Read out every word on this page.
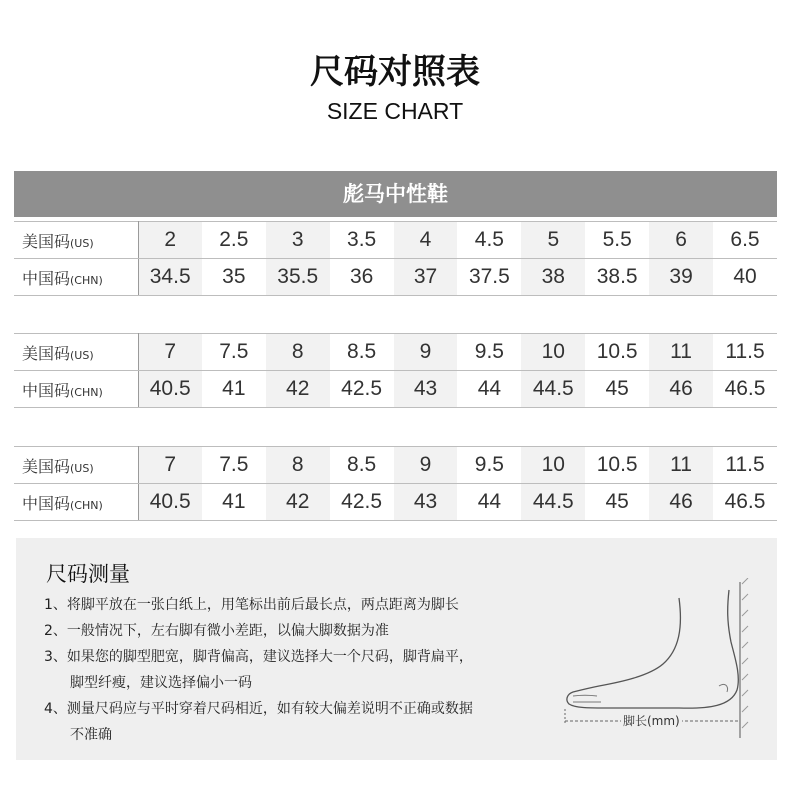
尺码对照表
SIZE CHART
彪马中性鞋
美国码(US)	2	2.5	3	3.5	4	4.5	5	5.5	6	6.5
中国码(CHN)	34.5	35	35.5	36	37	37.5	38	38.5	39	40
美国码(US)	7	7.5	8	8.5	9	9.5	10	10.5	11	11.5
中国码(CHN)	40.5	41	42	42.5	43	44	44.5	45	46	46.5
美国码(US)	7	7.5	8	8.5	9	9.5	10	10.5	11	11.5
中国码(CHN)	40.5	41	42	42.5	43	44	44.5	45	46	46.5
尺码测量
1、将脚平放在一张白纸上，用笔标出前后最长点，两点距离为脚长
2、一般情况下，左右脚有微小差距，以偏大脚数据为准
3、如果您的脚型肥宽，脚背偏高，建议选择大一个尺码，脚背扁平，
脚型纤瘦，建议选择偏小一码
4、测量尺码应与平时穿着尺码相近，如有较大偏差说明不正确或数据
不准确
脚长(mm)
